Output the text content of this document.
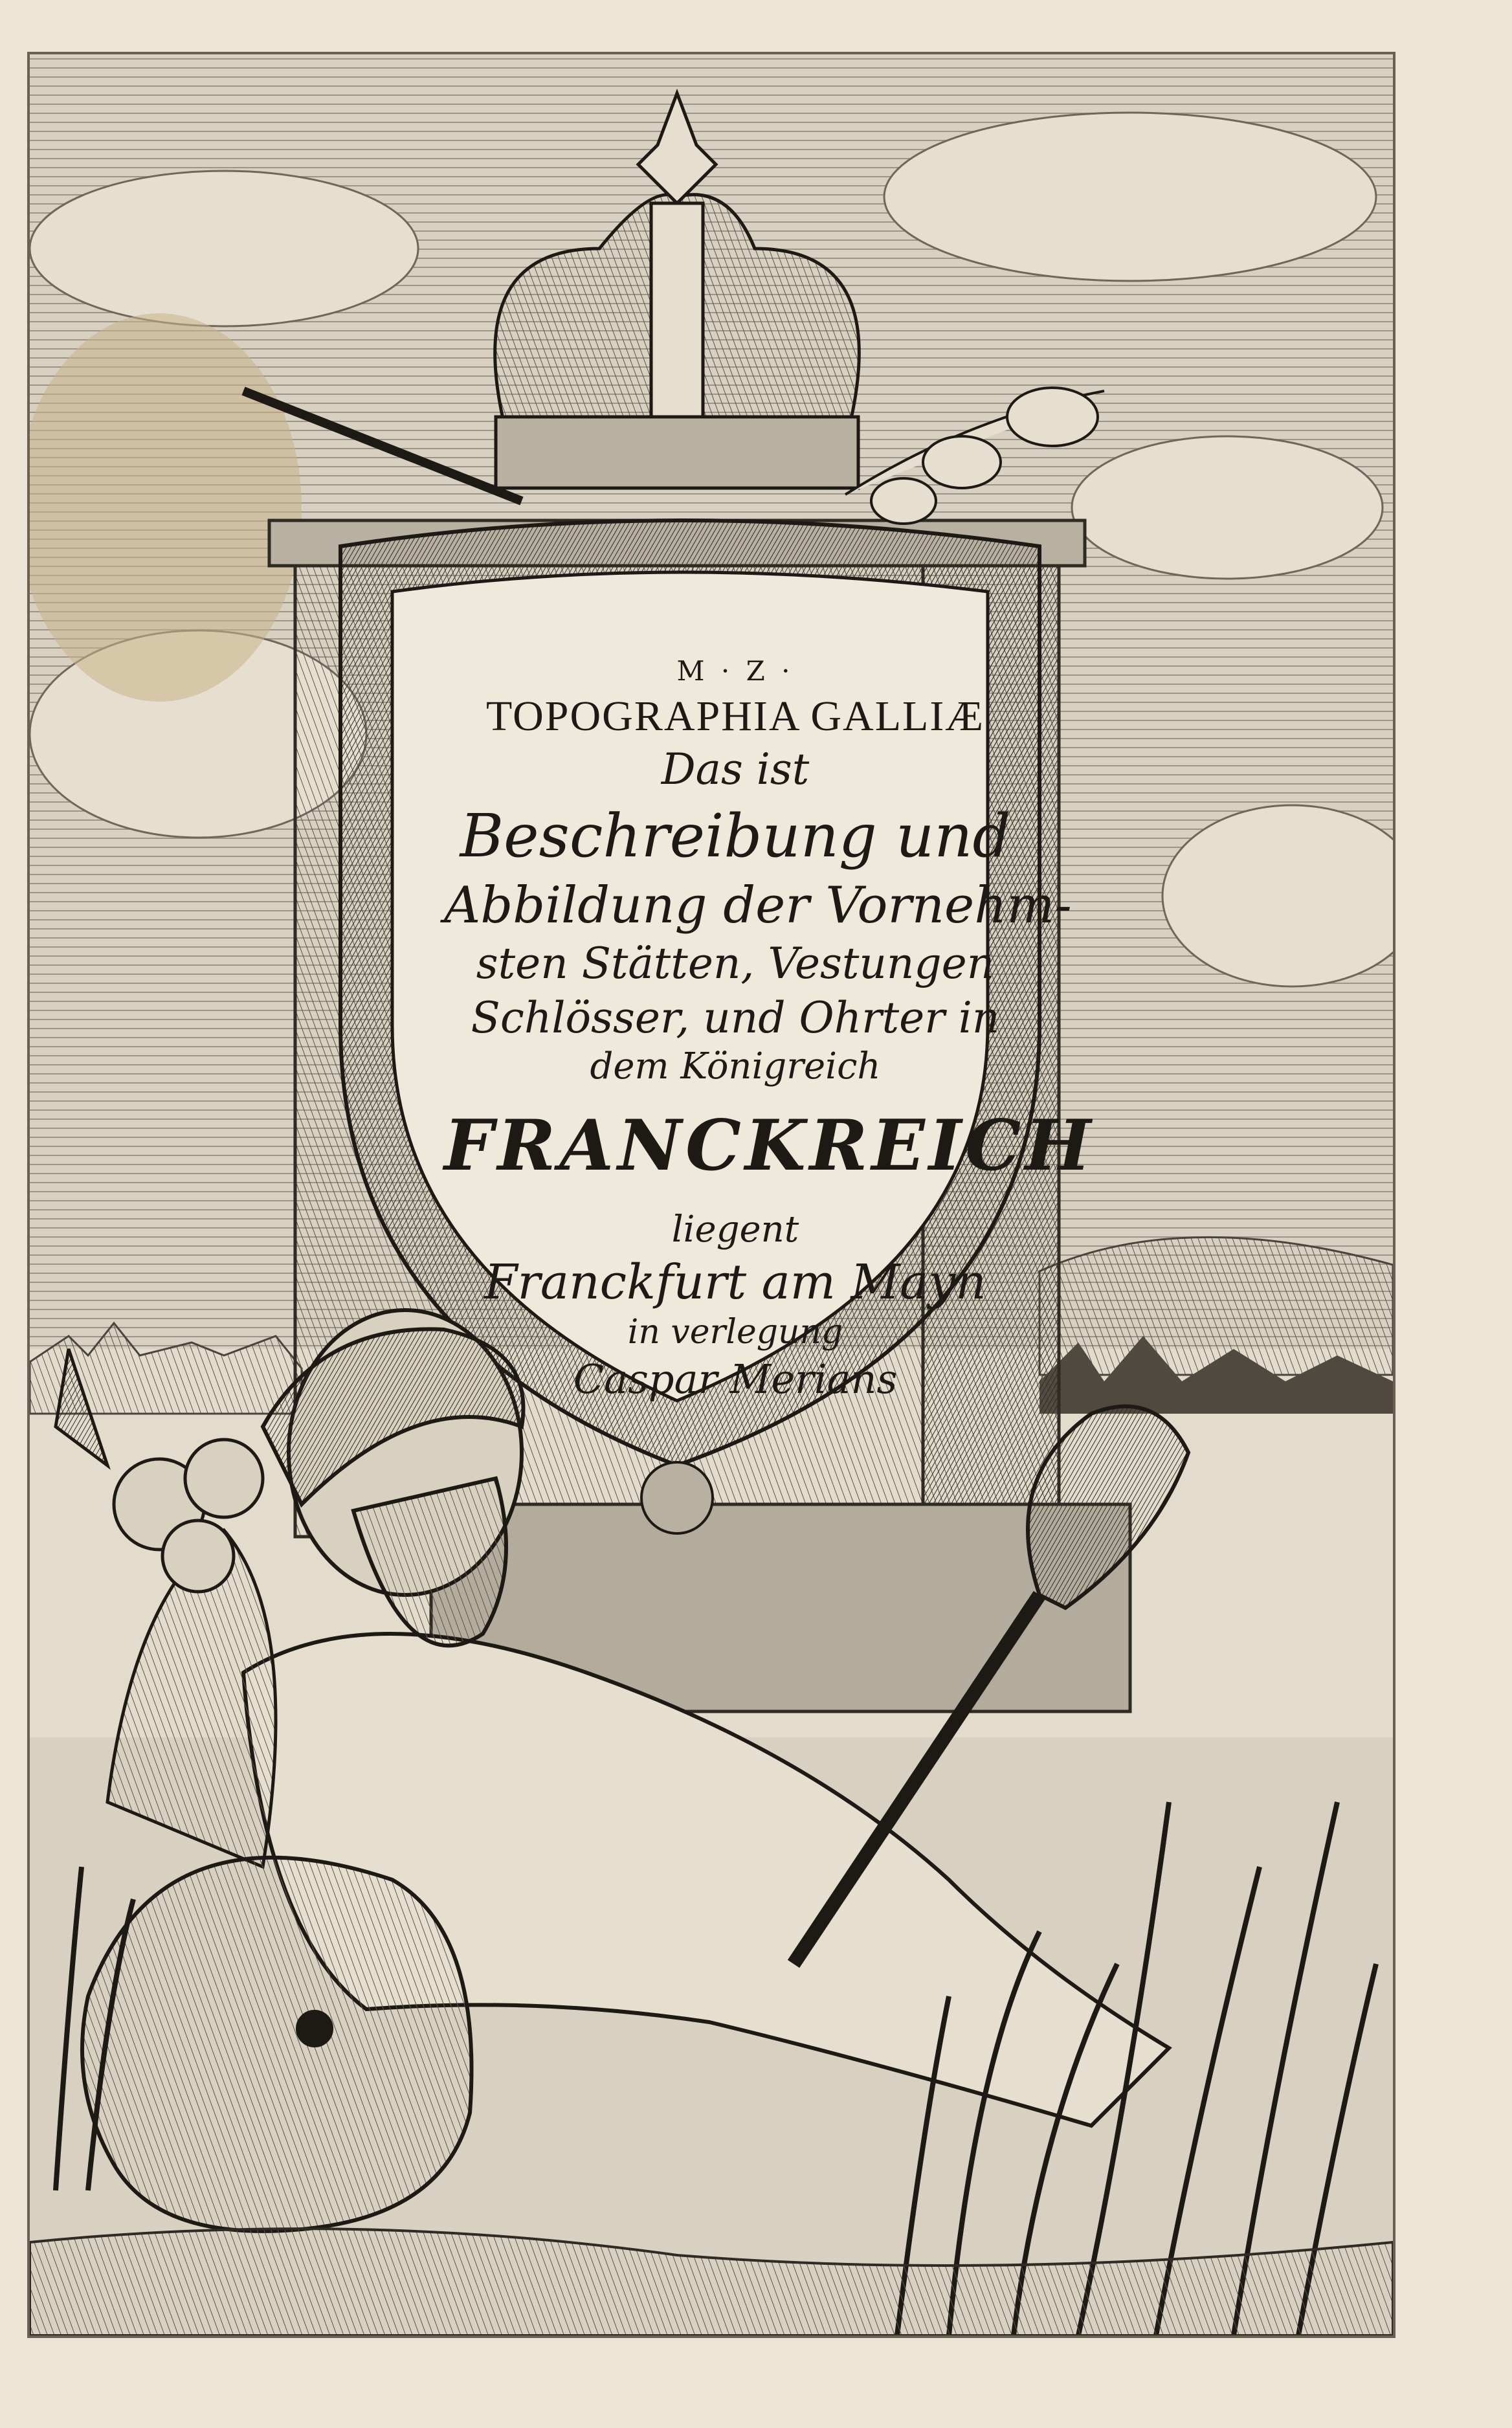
M · Z ·
TOPOGRAPHIA GALLIÆ
Das ist
Beschreibung und
Abbildung der Vornehm-
sten Stätten, Vestungen
Schlösser, und Ohrter in
dem Königreich
FRANCKREICH
liegent
Franckfurt am Mayn
in verlegung
Caspar Merians
